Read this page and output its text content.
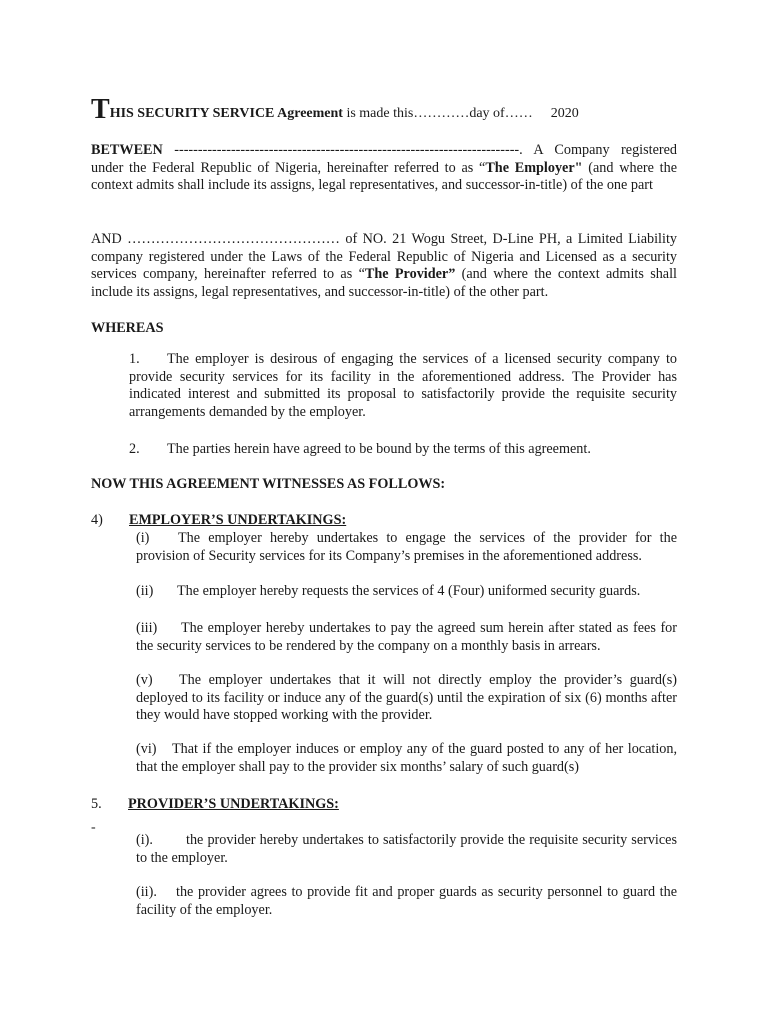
THIS SECURITY SERVICE Agreement is made this…………day of…… 2020

BETWEEN -------------------------------------------------------------------------. A Company registered under the Federal Republic of Nigeria, hereinafter referred to as “The Employer" (and where the context admits shall include its assigns, legal representatives, and successor-in-title) of the one part

AND ……………………………………… of NO. 21 Wogu Street, D-Line PH, a Limited Liability company registered under the Laws of the Federal Republic of Nigeria and Licensed as a security services company, hereinafter referred to as “The Provider” (and where the context admits shall include its assigns, legal representatives, and successor-in-title) of the other part.

WHEREAS

1. The employer is desirous of engaging the services of a licensed security company to provide security services for its facility in the aforementioned address. The Provider has indicated interest and submitted its proposal to satisfactorily provide the requisite security arrangements demanded by the employer.

2. The parties herein have agreed to be bound by the terms of this agreement.

NOW THIS AGREEMENT WITNESSES AS FOLLOWS:
4) EMPLOYER’S UNDERTAKINGS:

(i) The employer hereby undertakes to engage the services of the provider for the provision of Security services for its Company’s premises in the aforementioned address.

(ii) The employer hereby requests the services of 4 (Four) uniformed security guards.

(iii) The employer hereby undertakes to pay the agreed sum herein after stated as fees for the security services to be rendered by the company on a monthly basis in arrears.

(v) The employer undertakes that it will not directly employ the provider’s guard(s) deployed to its facility or induce any of the guard(s) until the expiration of six (6) months after they would have stopped working with the provider.

(vi) That if the employer induces or employ any of the guard posted to any of her location, that the employer shall pay to the provider six months’ salary of such guard(s)

5. PROVIDER’S UNDERTAKINGS:
-

(i). the provider hereby undertakes to satisfactorily provide the requisite security services to the employer.

(ii). the provider agrees to provide fit and proper guards as security personnel to guard the facility of the employer.
